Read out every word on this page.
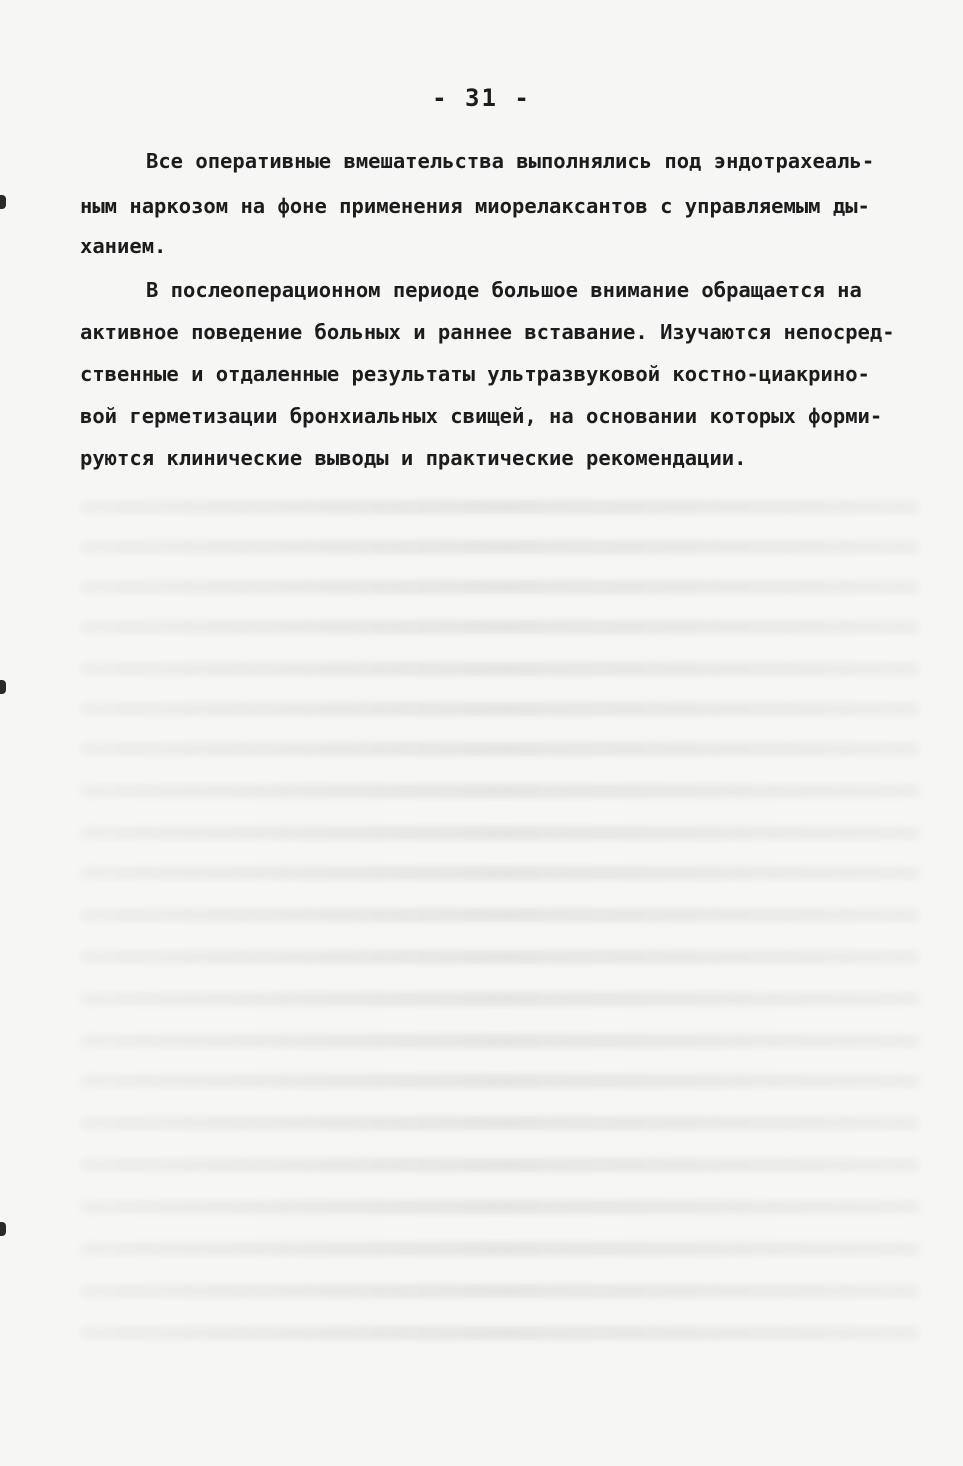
- 31 -
Все оперативные вмешательства выполнялись под эндотрахеаль-
ным наркозом на фоне применения миорелаксантов с управляемым ды-
ханием.
В послеоперационном периоде большое внимание обращается на
активное поведение больных и раннее вставание. Изучаются непосред-
ственные и отдаленные результаты ультразвуковой костно-циакрино-
вой герметизации бронхиальных свищей, на основании которых форми-
руются клинические выводы и практические рекомендации.
